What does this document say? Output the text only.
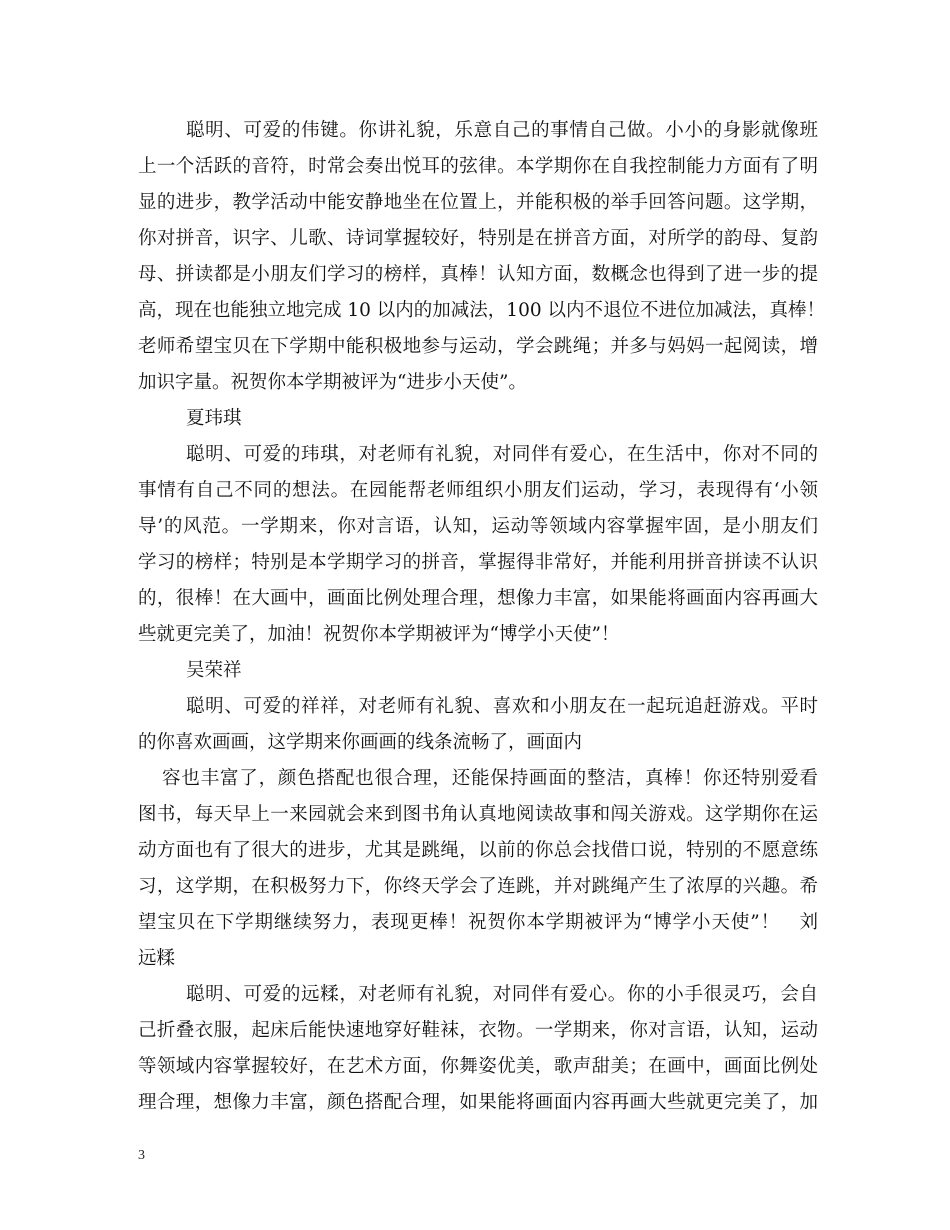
聪明、可爱的伟键。你讲礼貌，乐意自己的事情自己做。小小的身影就像班
上一个活跃的音符，时常会奏出悦耳的弦律。本学期你在自我控制能力方面有了明
显的进步，教学活动中能安静地坐在位置上，并能积极的举手回答问题。这学期，
你对拼音，识字、儿歌、诗词掌握较好，特别是在拼音方面，对所学的韵母、复韵
母、拼读都是小朋友们学习的榜样，真棒！认知方面，数概念也得到了进一步的提
高，现在也能独立地完成 10 以内的加减法，100 以内不退位不进位加减法，真棒！
老师希望宝贝在下学期中能积极地参与运动，学会跳绳；并多与妈妈一起阅读，增
加识字量。祝贺你本学期被评为“进步小天使”。
夏玮琪
聪明、可爱的玮琪，对老师有礼貌，对同伴有爱心，在生活中，你对不同的
事情有自己不同的想法。在园能帮老师组织小朋友们运动，学习，表现得有‘小领
导’的风范。一学期来，你对言语，认知，运动等领域内容掌握牢固，是小朋友们
学习的榜样；特别是本学期学习的拼音，掌握得非常好，并能利用拼音拼读不认识
的，很棒！在大画中，画面比例处理合理，想像力丰富，如果能将画面内容再画大
些就更完美了，加油！祝贺你本学期被评为“博学小天使”！
吴荣祥
聪明、可爱的祥祥，对老师有礼貌、喜欢和小朋友在一起玩追赶游戏。平时
的你喜欢画画，这学期来你画画的线条流畅了，画面内
容也丰富了，颜色搭配也很合理，还能保持画面的整洁，真棒！你还特别爱看
图书，每天早上一来园就会来到图书角认真地阅读故事和闯关游戏。这学期你在运
动方面也有了很大的进步，尤其是跳绳，以前的你总会找借口说，特别的不愿意练
习，这学期，在积极努力下，你终天学会了连跳，并对跳绳产生了浓厚的兴趣。希
望宝贝在下学期继续努力，表现更棒！祝贺你本学期被评为“博学小天使”！　刘
远糅
聪明、可爱的远糅，对老师有礼貌，对同伴有爱心。你的小手很灵巧，会自
己折叠衣服，起床后能快速地穿好鞋袜，衣物。一学期来，你对言语，认知，运动
等领域内容掌握较好，在艺术方面，你舞姿优美，歌声甜美；在画中，画面比例处
理合理，想像力丰富，颜色搭配合理，如果能将画面内容再画大些就更完美了，加
3
